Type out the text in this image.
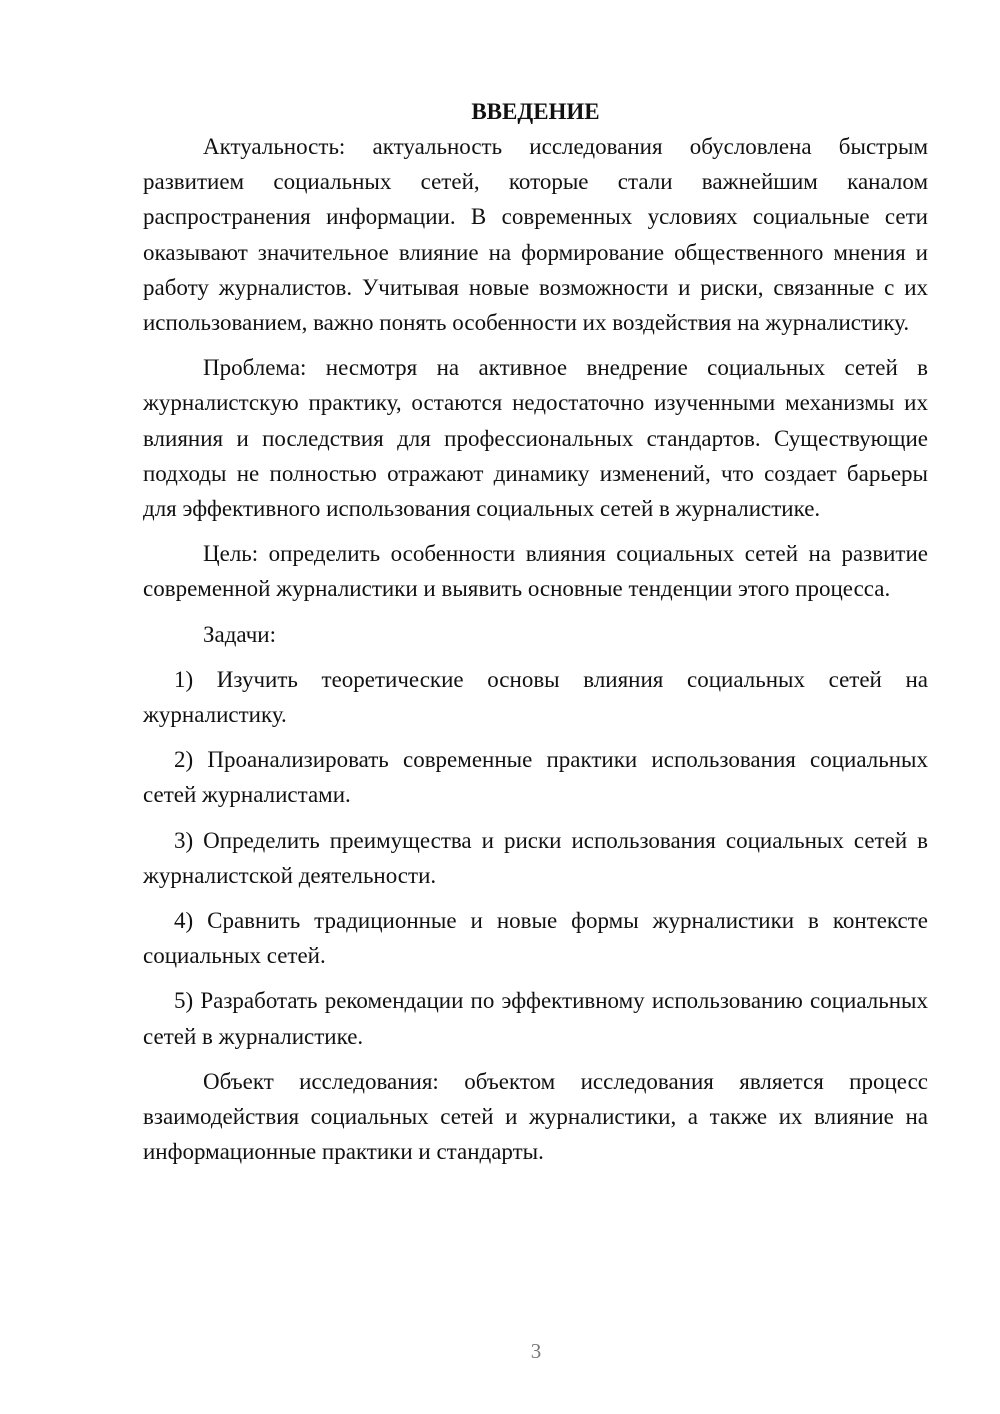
ВВЕДЕНИЕ

Актуальность: актуальность исследования обусловлена быстрым развитием социальных сетей, которые стали важнейшим каналом распространения информации. В современных условиях социальные сети оказывают значительное влияние на формирование общественного мнения и работу журналистов. Учитывая новые возможности и риски, связанные с их использованием, важно понять особенности их воздействия на журналистику.

Проблема: несмотря на активное внедрение социальных сетей в журналистскую практику, остаются недостаточно изученными механизмы их влияния и последствия для профессиональных стандартов. Существующие подходы не полностью отражают динамику изменений, что создает барьеры для эффективного использования социальных сетей в журналистике.

Цель: определить особенности влияния социальных сетей на развитие современной журналистики и выявить основные тенденции этого процесса.

Задачи:

1) Изучить теоретические основы влияния социальных сетей на журналистику.

2) Проанализировать современные практики использования социальных сетей журналистами.

3) Определить преимущества и риски использования социальных сетей в журналистской деятельности.

4) Сравнить традиционные и новые формы журналистики в контексте социальных сетей.

5) Разработать рекомендации по эффективному использованию социальных сетей в журналистике.

Объект исследования: объектом исследования является процесс взаимодействия социальных сетей и журналистики, а также их влияние на информационные практики и стандарты.

3
